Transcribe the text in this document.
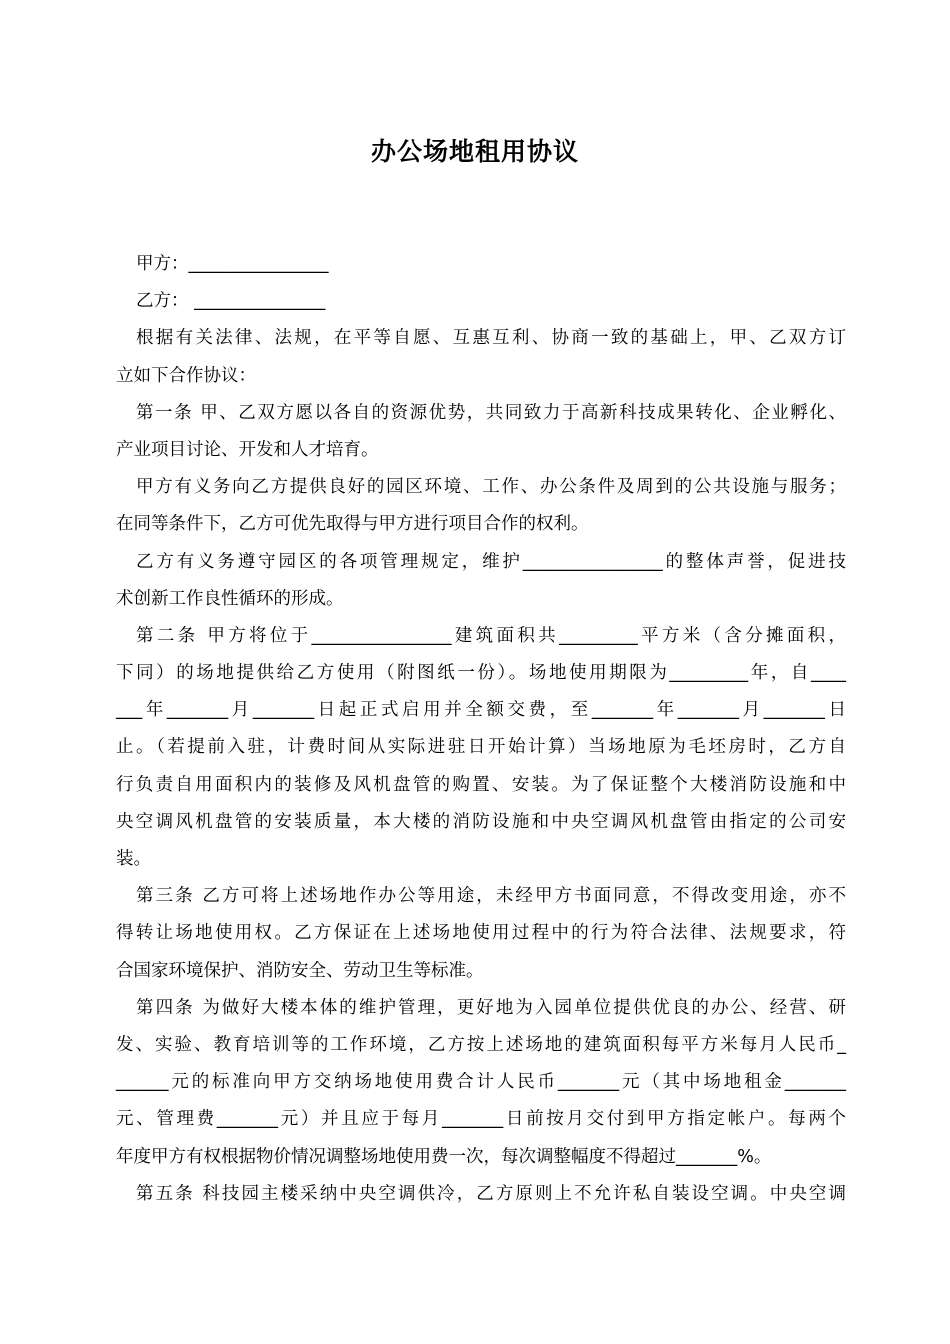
办公场地租用协议
甲方：________________
乙方： _______________
根据有关法律、法规，在平等自愿、互惠互利、协商一致的基础上，甲、乙双方订
立如下合作协议：
第一条 甲、乙双方愿以各自的资源优势，共同致力于高新科技成果转化、企业孵化、
产业项目讨论、开发和人才培育。
甲方有义务向乙方提供良好的园区环境、工作、办公条件及周到的公共设施与服务；
在同等条件下，乙方可优先取得与甲方进行项目合作的权利。
乙方有义务遵守园区的各项管理规定，维护________________的整体声誉，促进技
术创新工作良性循环的形成。
第二条 甲方将位于________________建筑面积共_________平方米（含分摊面积，
下同）的场地提供给乙方使用（附图纸一份）。场地使用期限为_________年，自____
___年_______月_______日起正式启用并全额交费，至_______年_______月_______日
止。（若提前入驻，计费时间从实际进驻日开始计算）当场地原为毛坯房时，乙方自
行负责自用面积内的装修及风机盘管的购置、安装。为了保证整个大楼消防设施和中
央空调风机盘管的安装质量，本大楼的消防设施和中央空调风机盘管由指定的公司安
装。
第三条 乙方可将上述场地作办公等用途，未经甲方书面同意，不得改变用途，亦不
得转让场地使用权。乙方保证在上述场地使用过程中的行为符合法律、法规要求，符
合国家环境保护、消防安全、劳动卫生等标准。
第四条 为做好大楼本体的维护管理，更好地为入园单位提供优良的办公、经营、研
发、实验、教育培训等的工作环境，乙方按上述场地的建筑面积每平方米每月人民币_
______元的标准向甲方交纳场地使用费合计人民币_______元（其中场地租金_______
元、管理费_______元）并且应于每月_______日前按月交付到甲方指定帐户。每两个
年度甲方有权根据物价情况调整场地使用费一次，每次调整幅度不得超过_______%。
第五条 科技园主楼采纳中央空调供冷，乙方原则上不允许私自装设空调。中央空调
